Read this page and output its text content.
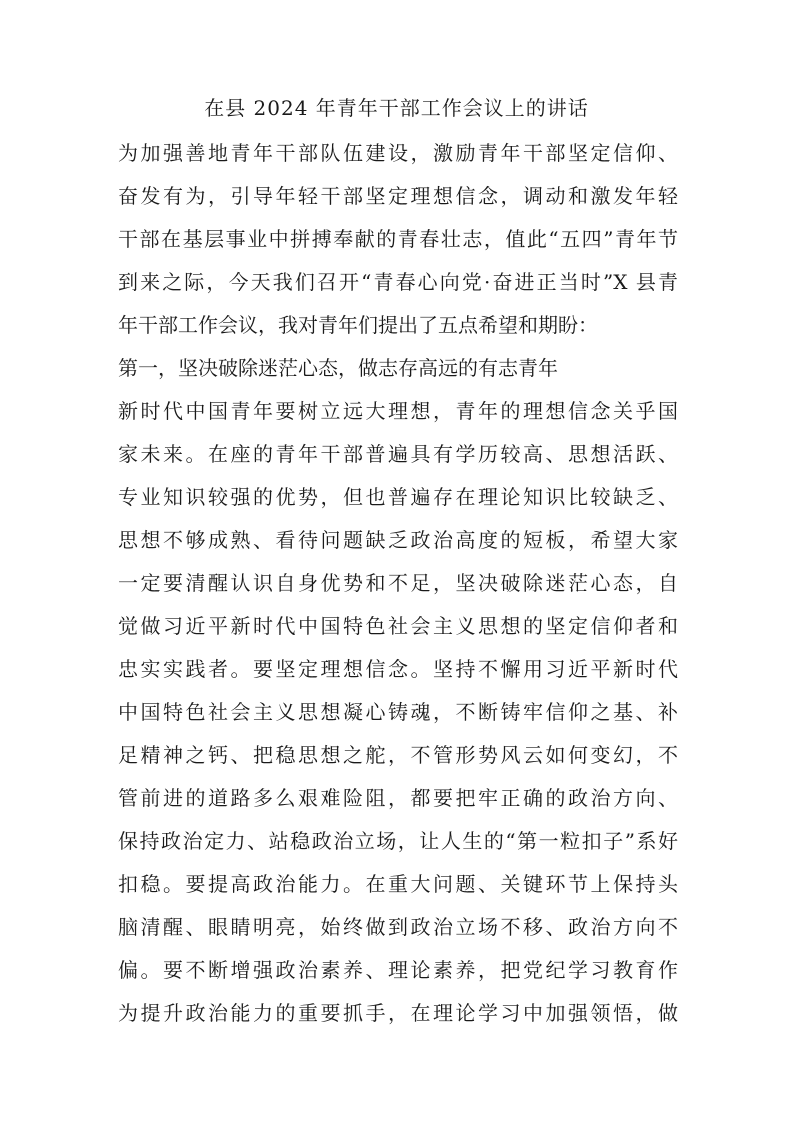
在县 2024 年青年干部工作会议上的讲话
为加强善地青年干部队伍建设，激励青年干部坚定信仰、
奋发有为，引导年轻干部坚定理想信念，调动和激发年轻
干部在基层事业中拼搏奉献的青春壮志，值此“五四”青年节
到来之际，今天我们召开“青春心向党·奋进正当时”X 县青
年干部工作会议，我对青年们提出了五点希望和期盼：
第一，坚决破除迷茫心态，做志存高远的有志青年
新时代中国青年要树立远大理想，青年的理想信念关乎国
家未来。在座的青年干部普遍具有学历较高、思想活跃、
专业知识较强的优势，但也普遍存在理论知识比较缺乏、
思想不够成熟、看待问题缺乏政治高度的短板，希望大家
一定要清醒认识自身优势和不足，坚决破除迷茫心态，自
觉做习近平新时代中国特色社会主义思想的坚定信仰者和
忠实实践者。要坚定理想信念。坚持不懈用习近平新时代
中国特色社会主义思想凝心铸魂，不断铸牢信仰之基、补
足精神之钙、把稳思想之舵，不管形势风云如何变幻，不
管前进的道路多么艰难险阻，都要把牢正确的政治方向、
保持政治定力、站稳政治立场，让人生的“第一粒扣子”系好
扣稳。要提高政治能力。在重大问题、关键环节上保持头
脑清醒、眼睛明亮，始终做到政治立场不移、政治方向不
偏。要不断增强政治素养、理论素养，把党纪学习教育作
为提升政治能力的重要抓手，在理论学习中加强领悟，做
